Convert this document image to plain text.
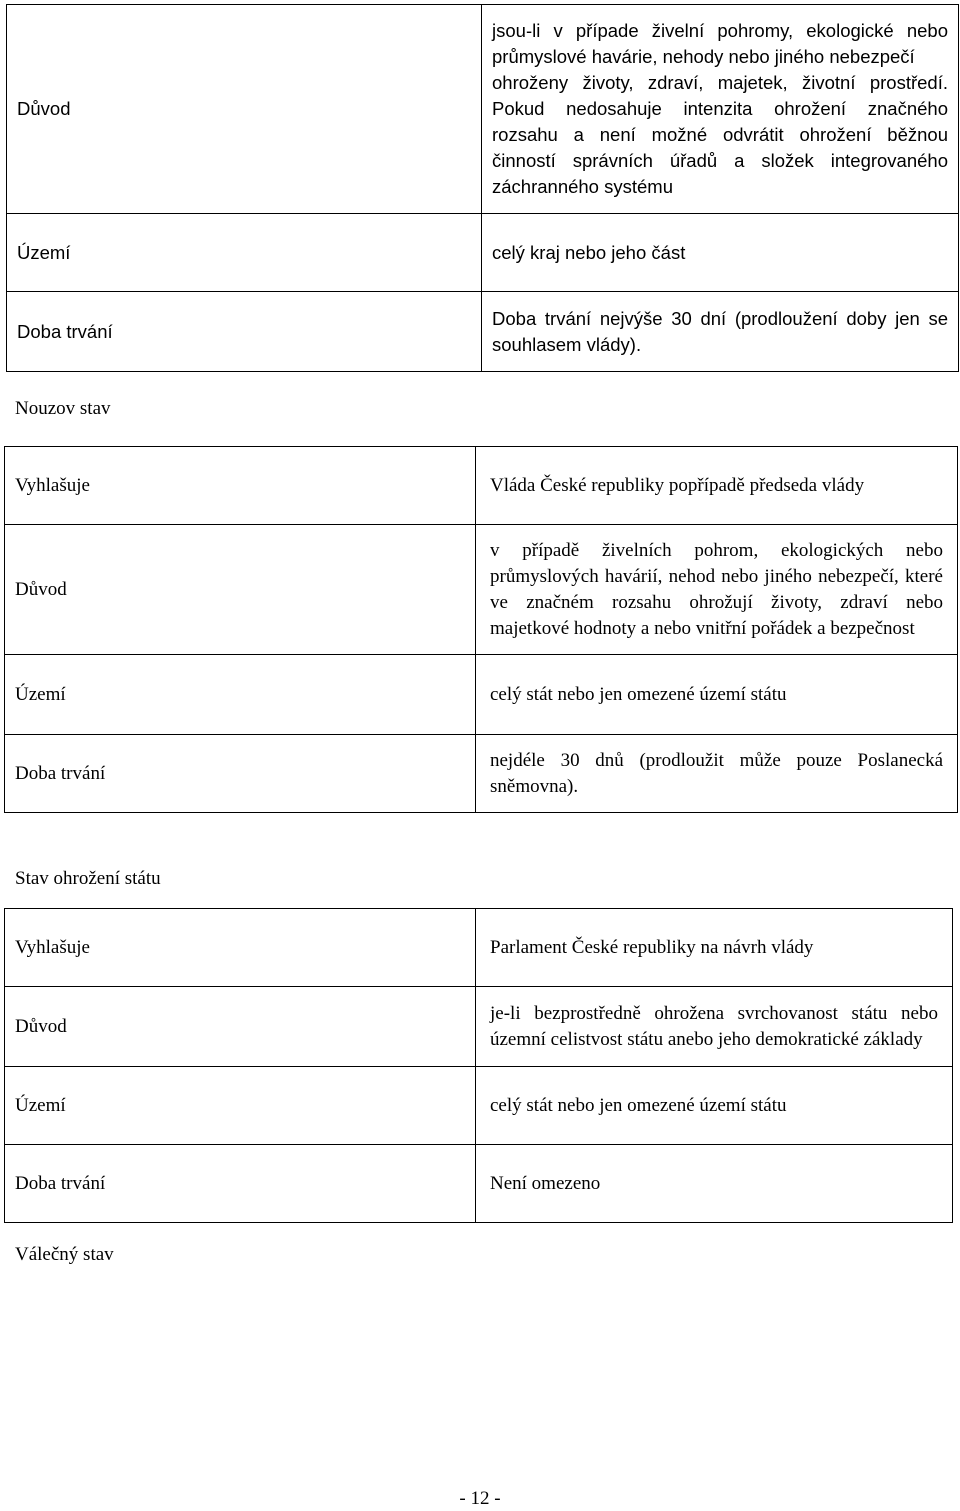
Důvod	jsou-li v případe živelní pohromy, ekologické nebo průmyslové havárie, nehody nebo jiného nebezpečí
ohroženy životy, zdraví, majetek, životní prostředí. Pokud nedosahuje intenzita ohrožení značného rozsahu a není možné odvrátit ohrožení běžnou činností správních úřadů a složek integrovaného záchranného systému

Území	celý kraj nebo jeho část
Doba trvání	Doba trvání nejvýše 30 dní (prodloužení doby jen se souhlasem vlády).
Nouzov stav
Vyhlašuje	Vláda České republiky popřípadě předseda vlády
Důvod	v případě živelních pohrom, ekologických nebo průmyslových havárií, nehod nebo jiného nebezpečí, které ve značném rozsahu ohrožují životy, zdraví nebo majetkové hodnoty a nebo vnitřní pořádek a bezpečnost
Území	celý stát nebo jen omezené území státu
Doba trvání	nejdéle 30 dnů (prodloužit může pouze Poslanecká sněmovna).
Stav ohrožení státu
Vyhlašuje	Parlament České republiky na návrh vlády
Důvod	je-li bezprostředně ohrožena svrchovanost státu nebo územní celistvost státu anebo jeho demokratické základy
Území	celý stát nebo jen omezené území státu
Doba trvání	Není omezeno
Válečný stav
- 12 -
